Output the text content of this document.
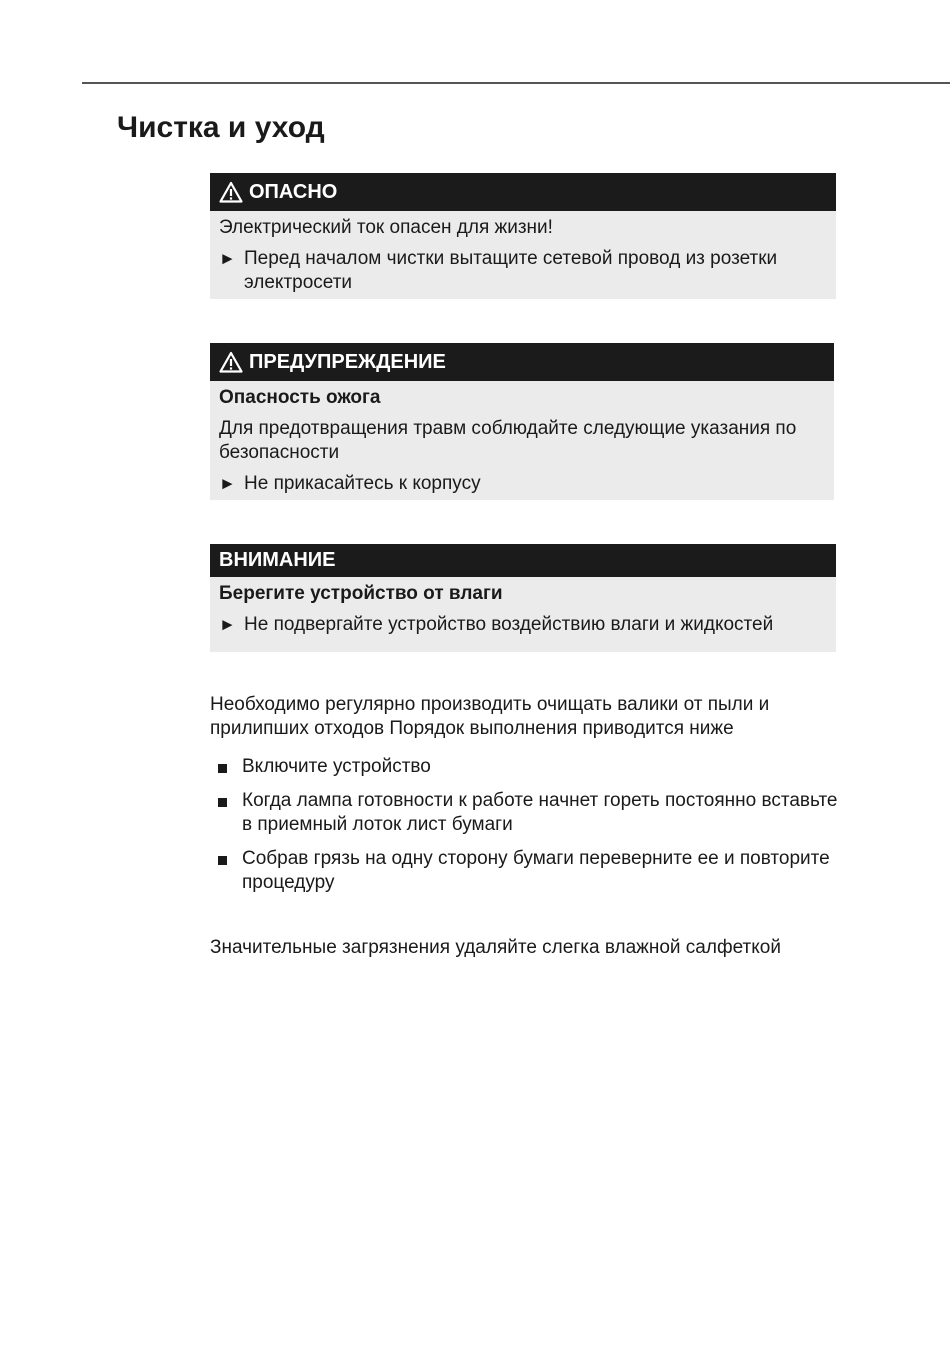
Чистка и уход
ОПАСНО

Электрический ток опасен для жизни!

► Перед началом чистки вытащите сетевой провод из розетки электросети
ПРЕДУПРЕЖДЕНИЕ

Опасность ожога

Для предотвращения травм соблюдайте следующие указания по безопасности

► Не прикасайтесь к корпусу
ВНИМАНИЕ

Берегите устройство от влаги

► Не подвергайте устройство воздействию влаги и жидкостей

Необходимо регулярно производить очищать валики от пыли и прилипших отходов Порядок выполнения приводится ниже

Включите устройство
Когда лампа готовности к работе начнет гореть постоянно вставьте в приемный лоток лист бумаги
Собрав грязь на одну сторону бумаги переверните ее и повторите процедуру

Значительные загрязнения удаляйте слегка влажной салфеткой
